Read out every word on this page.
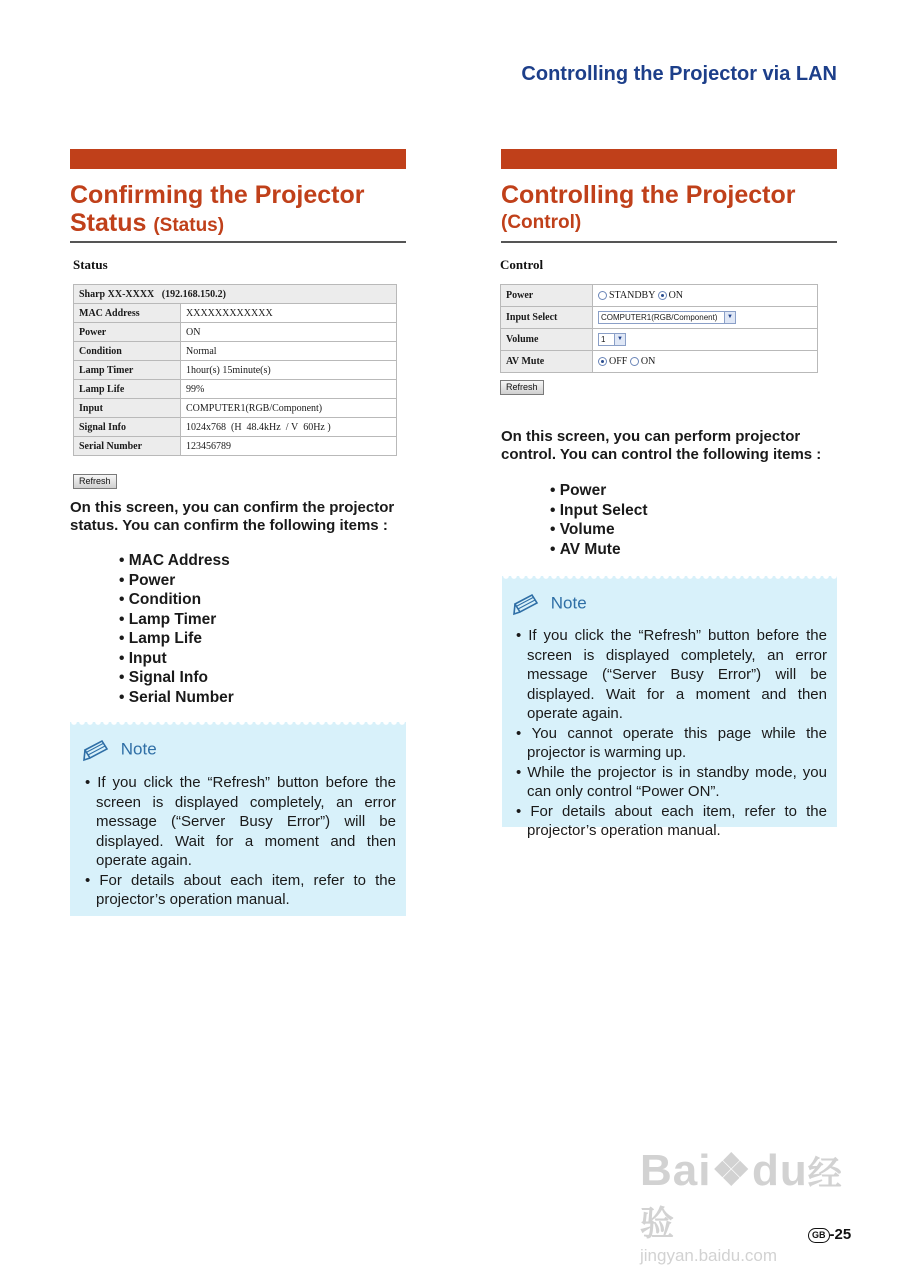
Controlling the Projector via LAN
Confirming the Projector
Status (Status)
Status
Sharp XX-XXXX   (192.168.150.2)	
MAC Address	XXXXXXXXXXXX
Power	ON
Condition	Normal
Lamp Timer	1hour(s) 15minute(s)
Lamp Life	99%
Input	COMPUTER1(RGB/Component)
Signal Info	1024x768  (H  48.4kHz  / V  60Hz )
Serial Number	123456789
Refresh
On this screen, you can confirm the projector status. You can confirm the following items :
• MAC Address
• Power
• Condition
• Lamp Timer
• Lamp Life
• Input
• Signal Info
• Serial Number
Note
• If you click the “Refresh” button before the screen is displayed completely, an error message (“Server Busy Error”) will be displayed. Wait for a moment and then operate again.
• For details about each item, refer to the projector’s operation manual.
Controlling the Projector
(Control)
Control
Power	STANDBY ON
Input Select	COMPUTER1(RGB/Component) ▼

Volume	1 ▼

AV Mute	OFF ON
Refresh
On this screen, you can perform projector control. You can control the following items :
• Power
• Input Select
• Volume
• AV Mute
Note
• If you click the “Refresh” button before the screen is displayed completely, an error message (“Server Busy Error”) will be displayed. Wait for a moment and then operate again.
• You cannot operate this page while the projector is warming up.
• While the projector is in standby mode, you can only control “Power ON”.
• For details about each item, refer to the projector’s operation manual.
Bai❖du经验
jingyan.baidu.com
GB -25
